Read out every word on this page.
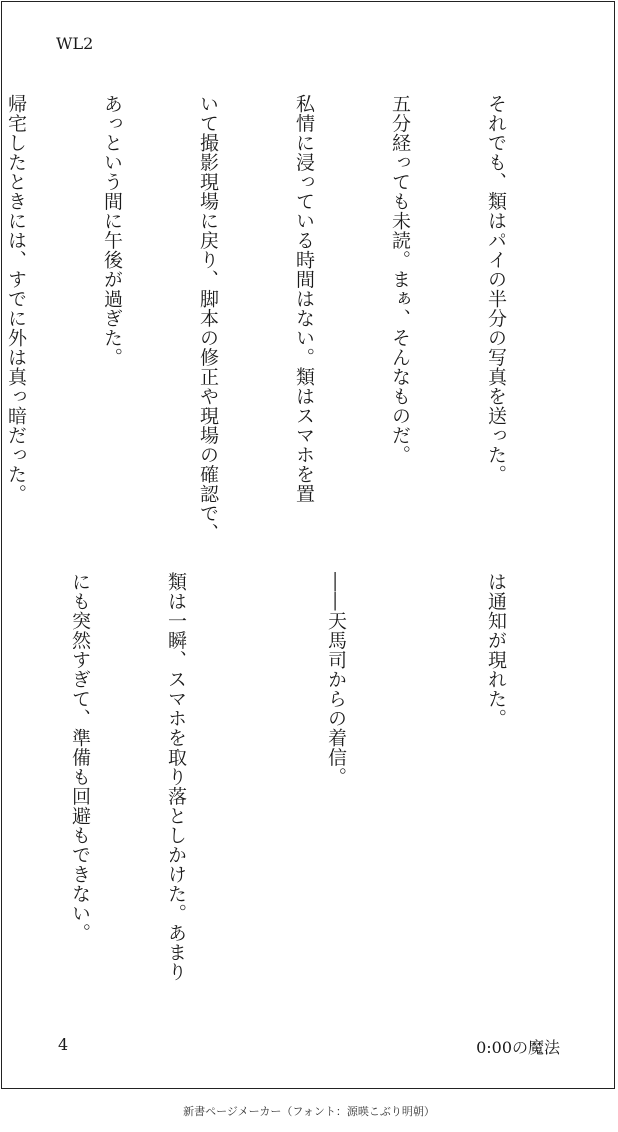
WL2

それでも、類はパイの半分の写真を送った。

五分経っても未読。まぁ、そんなものだ。

私情に浸っている時間はない。類はスマホを置

いて撮影現場に戻り、脚本の修正や現場の確認で、

あっという間に午後が過ぎた。

帰宅したときには、すでに外は真っ暗だった。

は通知が現れた。

――天馬司からの着信。

類は一瞬、スマホを取り落としかけた。あまり

にも突然すぎて、準備も回避もできない。

4	0:00の魔法
新書ページメーカー（フォント：源暎こぶり明朝）
